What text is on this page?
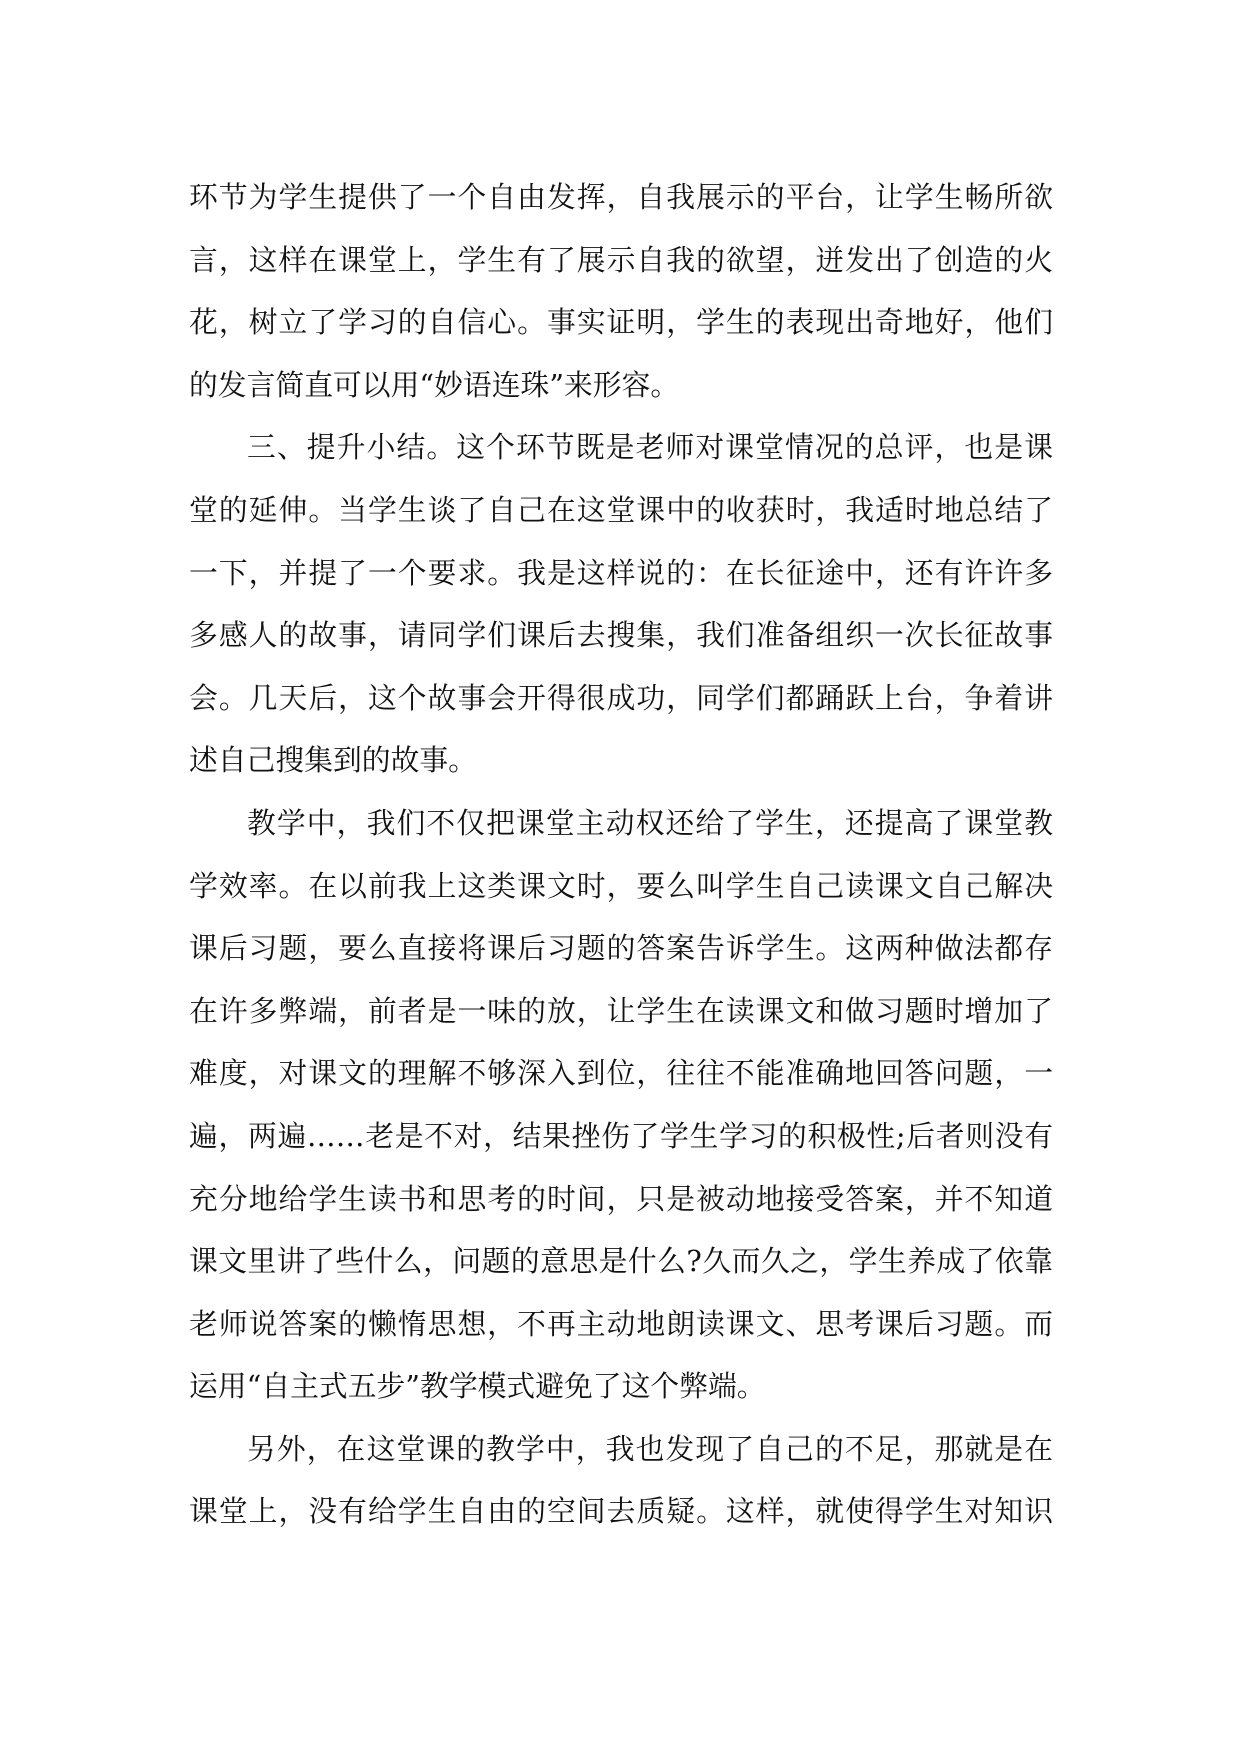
环节为学生提供了一个自由发挥，自我展示的平台，让学生畅所欲
言，这样在课堂上，学生有了展示自我的欲望，迸发出了创造的火
花，树立了学习的自信心。事实证明，学生的表现出奇地好，他们
的发言简直可以用“妙语连珠”来形容。
三、提升小结。这个环节既是老师对课堂情况的总评，也是课
堂的延伸。当学生谈了自己在这堂课中的收获时，我适时地总结了
一下，并提了一个要求。我是这样说的：在长征途中，还有许许多
多感人的故事，请同学们课后去搜集，我们准备组织一次长征故事
会。几天后，这个故事会开得很成功，同学们都踊跃上台，争着讲
述自己搜集到的故事。
教学中，我们不仅把课堂主动权还给了学生，还提高了课堂教
学效率。在以前我上这类课文时，要么叫学生自己读课文自己解决
课后习题，要么直接将课后习题的答案告诉学生。这两种做法都存
在许多弊端，前者是一味的放，让学生在读课文和做习题时增加了
难度，对课文的理解不够深入到位，往往不能准确地回答问题，一
遍，两遍……老是不对，结果挫伤了学生学习的积极性;后者则没有
充分地给学生读书和思考的时间，只是被动地接受答案，并不知道
课文里讲了些什么，问题的意思是什么?久而久之，学生养成了依靠
老师说答案的懒惰思想，不再主动地朗读课文、思考课后习题。而
运用“自主式五步”教学模式避免了这个弊端。
另外，在这堂课的教学中，我也发现了自己的不足，那就是在
课堂上，没有给学生自由的空间去质疑。这样，就使得学生对知识
